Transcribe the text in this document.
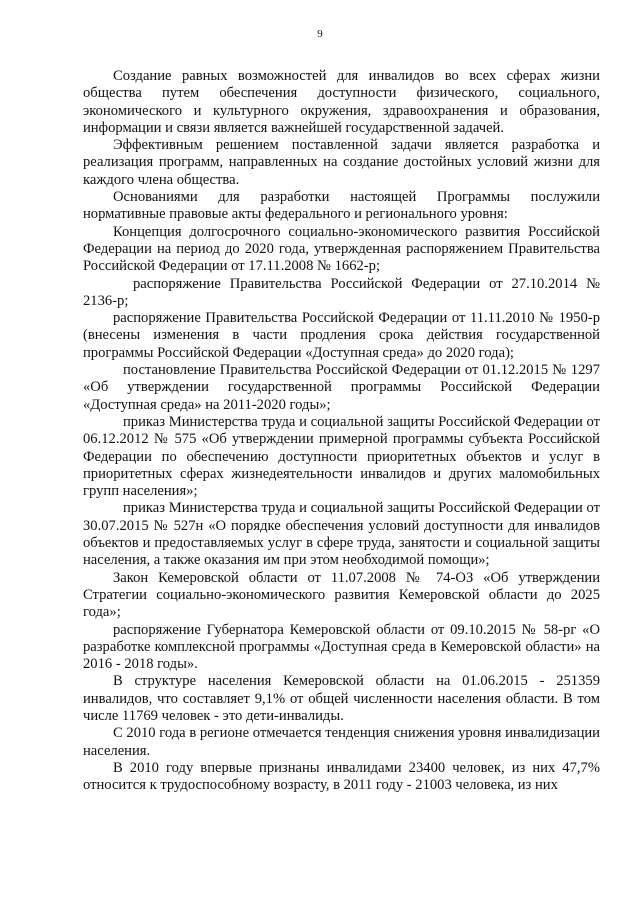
9

Создание равных возможностей для инвалидов во всех сферах жизни общества путем обеспечения доступности физического, социального, экономического и культурного окружения, здравоохранения и образования, информации и связи является важнейшей государственной задачей.

Эффективным решением поставленной задачи является разработка и реализация программ, направленных на создание достойных условий жизни для каждого члена общества.

Основаниями для разработки настоящей Программы послужили нормативные правовые акты федерального и регионального уровня:

Концепция долгосрочного социально-экономического развития Российской Федерации на период до 2020 года, утвержденная распоряжением Правительства Российской Федерации от 17.11.2008 № 1662-р;

распоряжение Правительства Российской Федерации от 27.10.2014 № 2136-р;

распоряжение Правительства Российской Федерации от 11.11.2010 № 1950-р (внесены изменения в части продления срока действия государственной программы Российской Федерации «Доступная среда» до 2020 года);

постановление Правительства Российской Федерации от 01.12.2015 № 1297 «Об утверждении государственной программы Российской Федерации «Доступная среда» на 2011-2020 годы»;

приказ Министерства труда и социальной защиты Российской Федерации от 06.12.2012 № 575 «Об утверждении примерной программы субъекта Российской Федерации по обеспечению доступности приоритетных объектов и услуг в приоритетных сферах жизнедеятельности инвалидов и других маломобильных групп населения»;

приказ Министерства труда и социальной защиты Российской Федерации от 30.07.2015 № 527н «О порядке обеспечения условий доступности для инвалидов объектов и предоставляемых услуг в сфере труда, занятости и социальной защиты населения, а также оказания им при этом необходимой помощи»;

Закон Кемеровской области от 11.07.2008 № 74-ОЗ «Об утверждении Стратегии социально-экономического развития Кемеровской области до 2025 года»;

распоряжение Губернатора Кемеровской области от 09.10.2015 № 58-рг «О разработке комплексной программы «Доступная среда в Кемеровской области» на 2016 - 2018 годы».

В структуре населения Кемеровской области на 01.06.2015 - 251359 инвалидов, что составляет 9,1% от общей численности населения области. В том числе 11769 человек - это дети-инвалиды.

С 2010 года в регионе отмечается тенденция снижения уровня инвалидизации населения.

В 2010 году впервые признаны инвалидами 23400 человек, из них 47,7% относится к трудоспособному возрасту, в 2011 году - 21003 человека, из них
